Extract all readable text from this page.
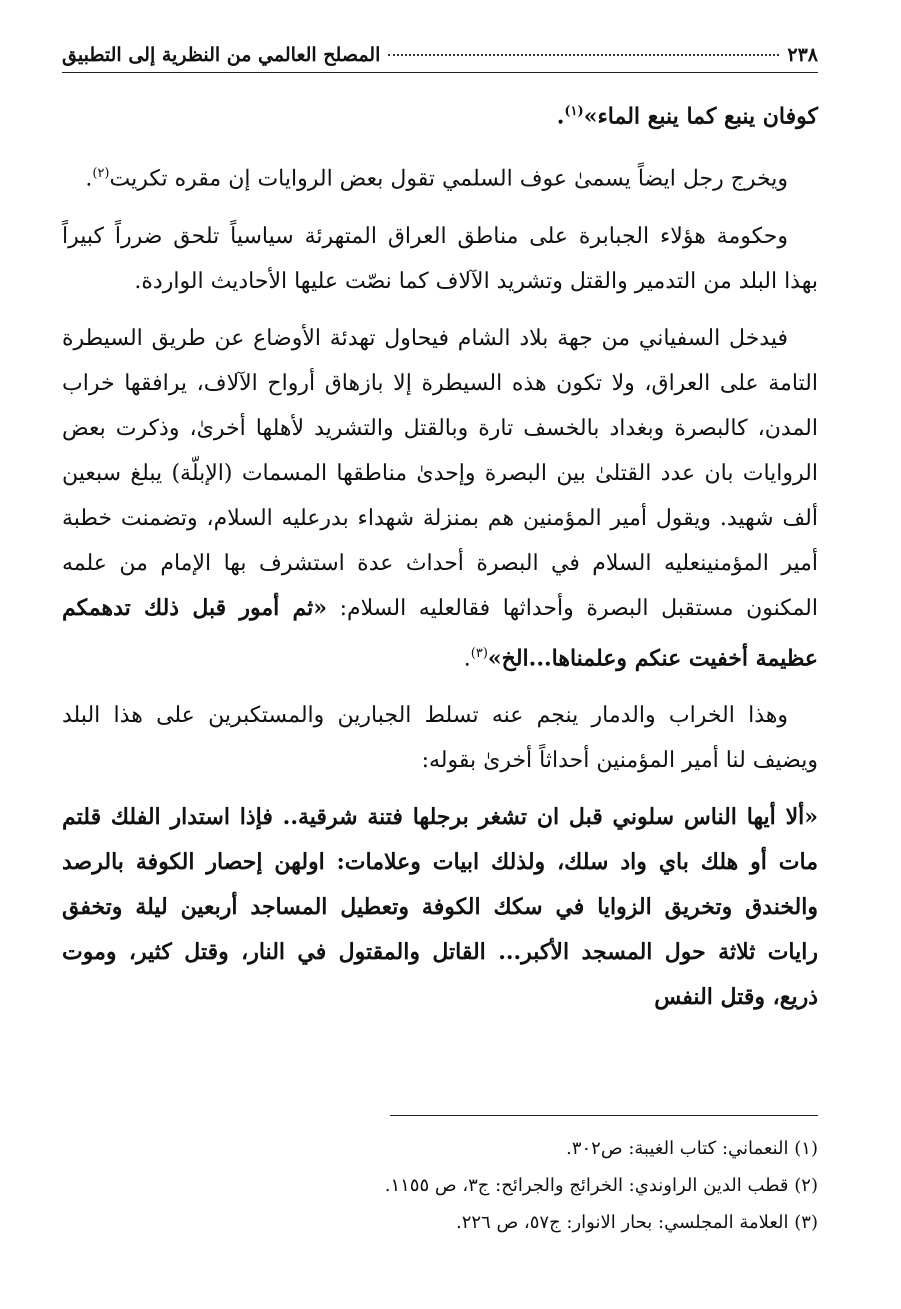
٢٣٨
المصلح العالمي من النظرية إلى التطبيق

كوفان ينبع كما ينبع الماء»$^{(١)}$.

ويخرج رجل ايضاً يسمىٰ عوف السلمي تقول بعض الروايات إن مقره تكريت$^{(٢)}$.

وحكومة هؤلاء الجبابرة على مناطق العراق المتهرئة سياسياً تلحق ضرراً كبيراً بهذا البلد من التدمير والقتل وتشريد الآلاف كما نصّت عليها الأحاديث الواردة.

فيدخل السفياني من جهة بلاد الشام فيحاول تهدئة الأوضاع عن طريق السيطرة التامة على العراق، ولا تكون هذه السيطرة إلا بازهاق أرواح الآلاف، يرافقها خراب المدن، كالبصرة وبغداد بالخسف تارة وبالقتل والتشريد لأهلها أخرىٰ، وذكرت بعض الروايات بان عدد القتلىٰ بين البصرة وإحدىٰ مناطقها المسمات (الإبلّة) يبلغ سبعين ألف شهيد. ويقول أمير المؤمنين هم بمنزلة شهداء بدرعليه السلام، وتضمنت خطبة أمير المؤمنينعليه السلام في البصرة أحداث عدة استشرف بها الإمام من علمه المكنون مستقبل البصرة وأحداثها فقالعليه السلام: «ثم أمور قبل ذلك تدهمكم عظيمة أخفيت عنكم وعلمناها...الخ»$^{(٣)}$.

وهذا الخراب والدمار ينجم عنه تسلط الجبارين والمستكبرين على هذا البلد ويضيف لنا أمير المؤمنين أحداثاً أخرىٰ بقوله:

«ألا أيها الناس سلوني قبل ان تشغر برجلها فتنة شرقية.. فإذا استدار الفلك قلتم مات أو هلك باي واد سلك، ولذلك ابيات وعلامات: اولهن إحصار الكوفة بالرصد والخندق وتخريق الزوايا في سكك الكوفة وتعطيل المساجد أربعين ليلة وتخفق رايات ثلاثة حول المسجد الأكبر... القاتل والمقتول في النار، وقتل كثير، وموت ذريع، وقتل النفس

(١) النعماني: كتاب الغيبة: ص٣٠٢.

(٢) قطب الدين الراوندي: الخرائج والجرائح: ج٣، ص ١١٥٥.

(٣) العلامة المجلسي: بحار الانوار: ج٥٧، ص ٢٢٦.
